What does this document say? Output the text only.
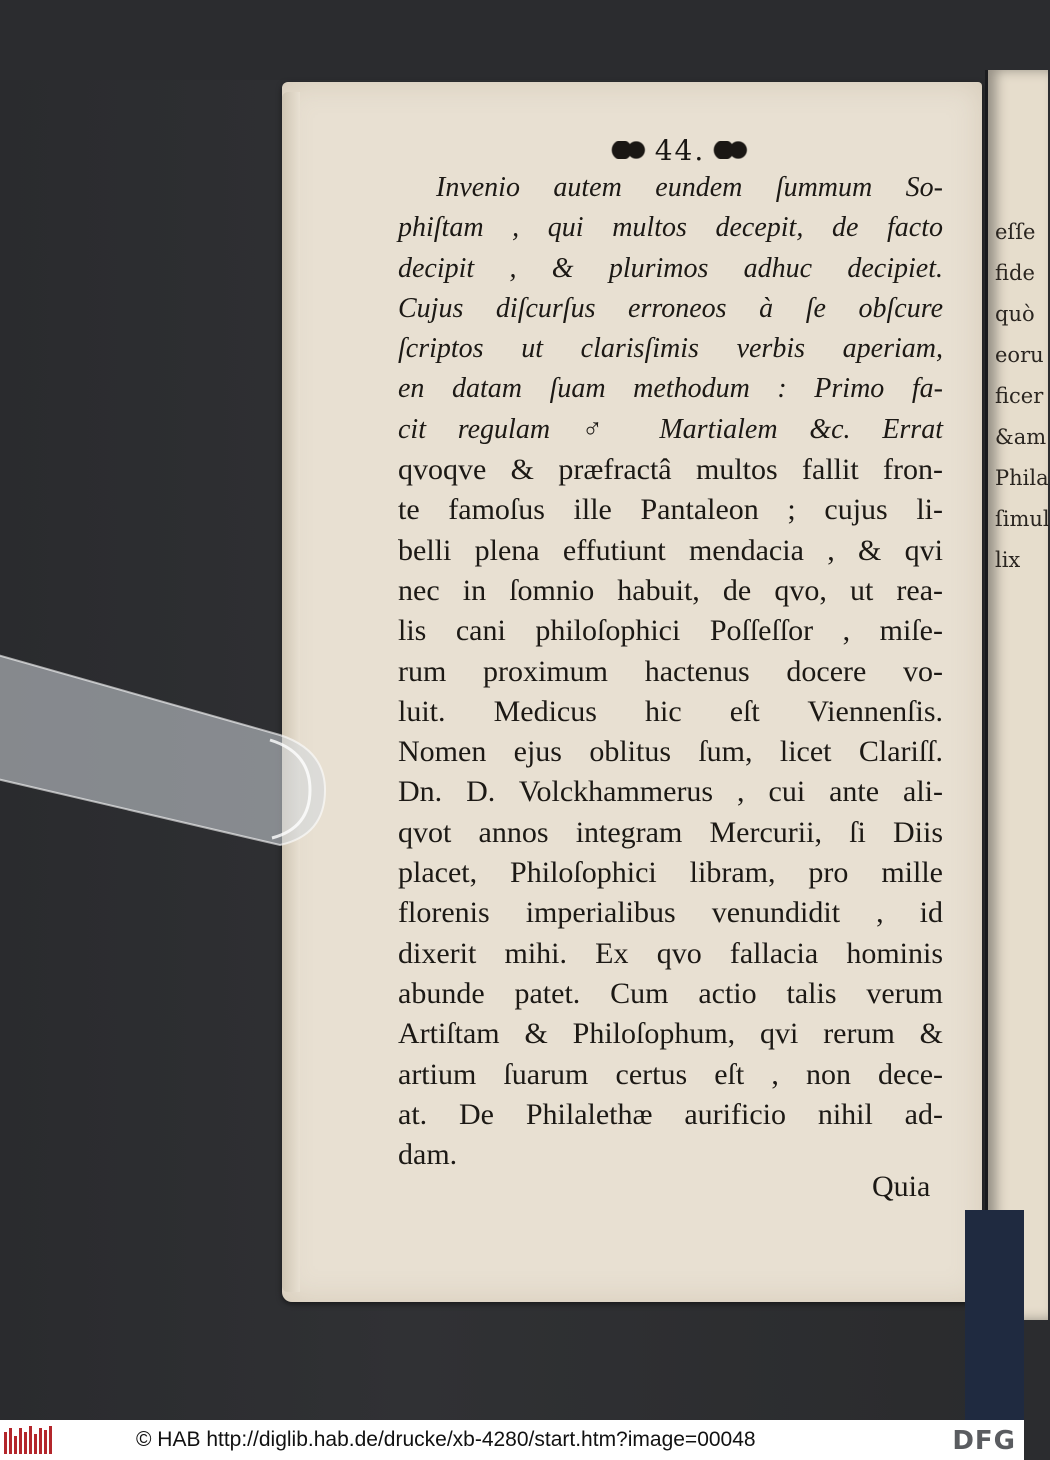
eſſe
fide
quò
eoru
ficer
&am
Phila
ſimul
lix
44.
Invenio autem eundem ſummum So-
phiſtam , qui multos decepit, de facto
decipit , & plurimos adhuc decipiet.
Cujus diſcurſus erroneos à ſe obſcure
ſcriptos ut clarisſimis verbis aperiam,
en datam ſuam methodum : Primo fa-
cit regulam ♂ Martialem &c. Errat
qvoqve & præfractâ multos fallit fron-
te famoſus ille Pantaleon ; cujus li-
belli plena effutiunt mendacia , & qvi
nec in ſomnio habuit, de qvo, ut rea-
lis cani philoſophici Poſſeſſor , miſe-
rum proximum hactenus docere vo-
luit. Medicus hic eſt Viennenſis.
Nomen ejus oblitus ſum, licet Clariſſ.
Dn. D. Volckhammerus , cui ante ali-
qvot annos integram Mercurii, ſi Diis
placet, Philoſophici libram, pro mille
florenis imperialibus venundidit , id
dixerit mihi. Ex qvo fallacia hominis
abunde patet. Cum actio talis verum
Artiſtam & Philoſophum, qvi rerum &
artium ſuarum certus eſt , non dece-
at. De Philalethæ aurificio nihil ad-
dam.
Quia
© HAB http://diglib.hab.de/drucke/xb-4280/start.htm?image=00048	DFG
